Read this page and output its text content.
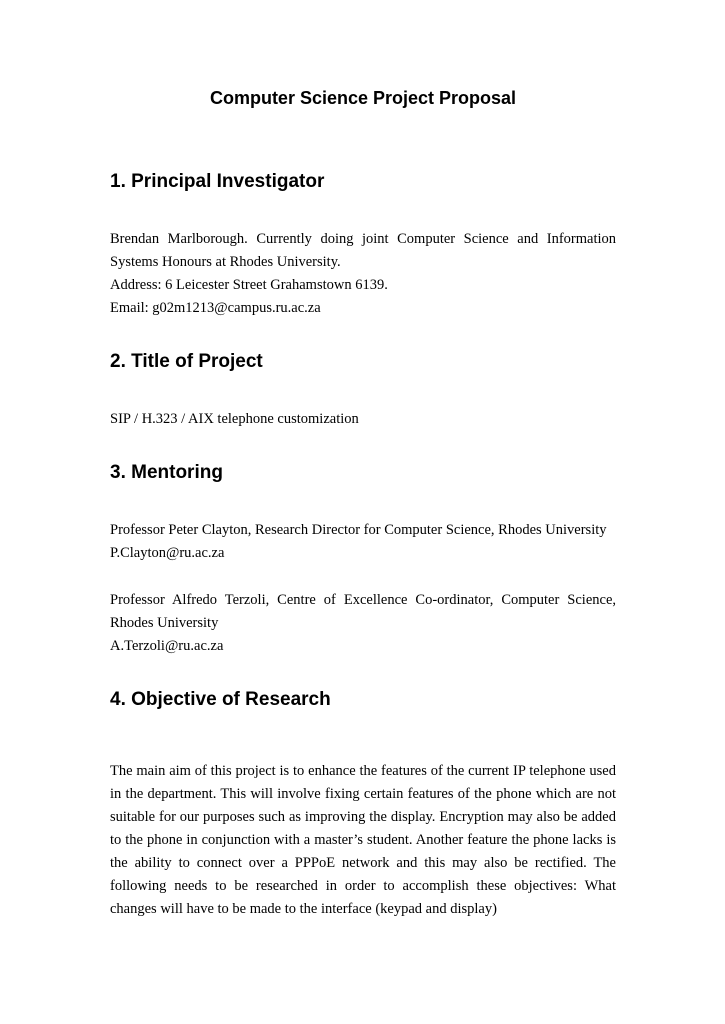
Computer Science Project Proposal
1. Principal Investigator

Brendan Marlborough. Currently doing joint Computer Science and Information Systems Honours at Rhodes University.

Address: 6 Leicester Street Grahamstown 6139.

Email: g02m1213@campus.ru.ac.za

2. Title of Project

SIP / H.323 / AIX telephone customization

3. Mentoring

Professor Peter Clayton, Research Director for Computer Science, Rhodes University

P.Clayton@ru.ac.za

Professor Alfredo Terzoli, Centre of Excellence Co-ordinator, Computer Science, Rhodes University

A.Terzoli@ru.ac.za

4. Objective of Research

The main aim of this project is to enhance the features of the current IP telephone used in the department. This will involve fixing certain features of the phone which are not suitable for our purposes such as improving the display. Encryption may also be added to the phone in conjunction with a master’s student. Another feature the phone lacks is the ability to connect over a PPPoE network and this may also be rectified. The following needs to be researched in order to accomplish these objectives: What changes will have to be made to the interface (keypad and display)
